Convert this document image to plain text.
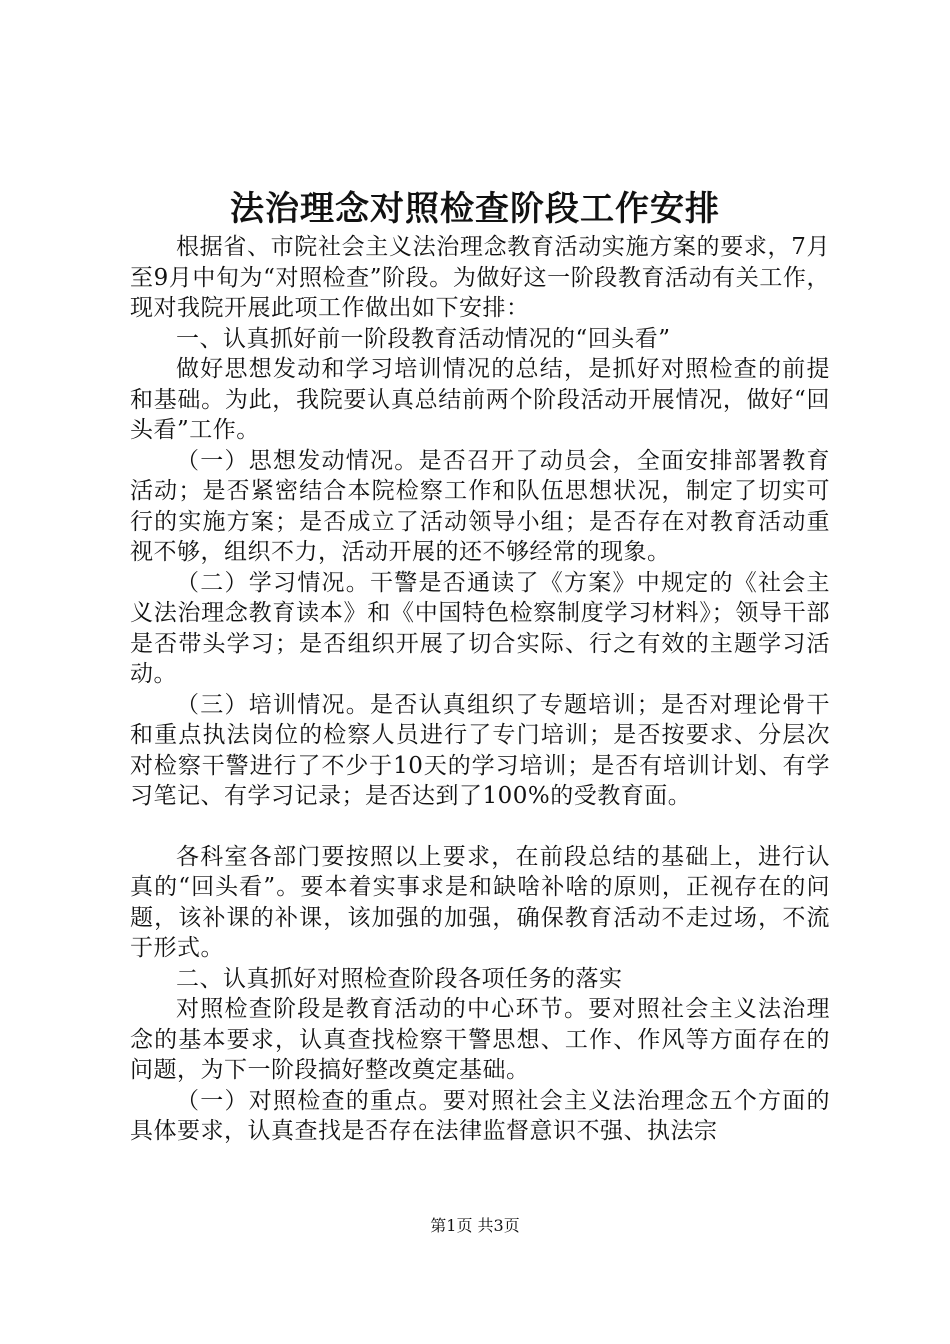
法治理念对照检查阶段工作安排

根据省、市院社会主义法治理念教育活动实施方案的要求，7月至9月中旬为“对照检查”阶段。为做好这一阶段教育活动有关工作，现对我院开展此项工作做出如下安排：

一、认真抓好前一阶段教育活动情况的“回头看”

做好思想发动和学习培训情况的总结，是抓好对照检查的前提和基础。为此，我院要认真总结前两个阶段活动开展情况，做好“回头看”工作。

（一）思想发动情况。是否召开了动员会，全面安排部署教育活动；是否紧密结合本院检察工作和队伍思想状况，制定了切实可行的实施方案；是否成立了活动领导小组；是否存在对教育活动重视不够，组织不力，活动开展的还不够经常的现象。

（二）学习情况。干警是否通读了《方案》中规定的《社会主义法治理念教育读本》和《中国特色检察制度学习材料》；领导干部是否带头学习；是否组织开展了切合实际、行之有效的主题学习活动。

（三）培训情况。是否认真组织了专题培训；是否对理论骨干和重点执法岗位的检察人员进行了专门培训；是否按要求、分层次对检察干警进行了不少于10天的学习培训；是否有培训计划、有学习笔记、有学习记录；是否达到了100%的受教育面。

各科室各部门要按照以上要求，在前段总结的基础上，进行认真的“回头看”。要本着实事求是和缺啥补啥的原则，正视存在的问题，该补课的补课，该加强的加强，确保教育活动不走过场，不流于形式。

二、认真抓好对照检查阶段各项任务的落实

对照检查阶段是教育活动的中心环节。要对照社会主义法治理念的基本要求，认真查找检察干警思想、工作、作风等方面存在的问题，为下一阶段搞好整改奠定基础。

（一）对照检查的重点。要对照社会主义法治理念五个方面的具体要求，认真查找是否存在法律监督意识不强、执法宗

第1页 共3页
